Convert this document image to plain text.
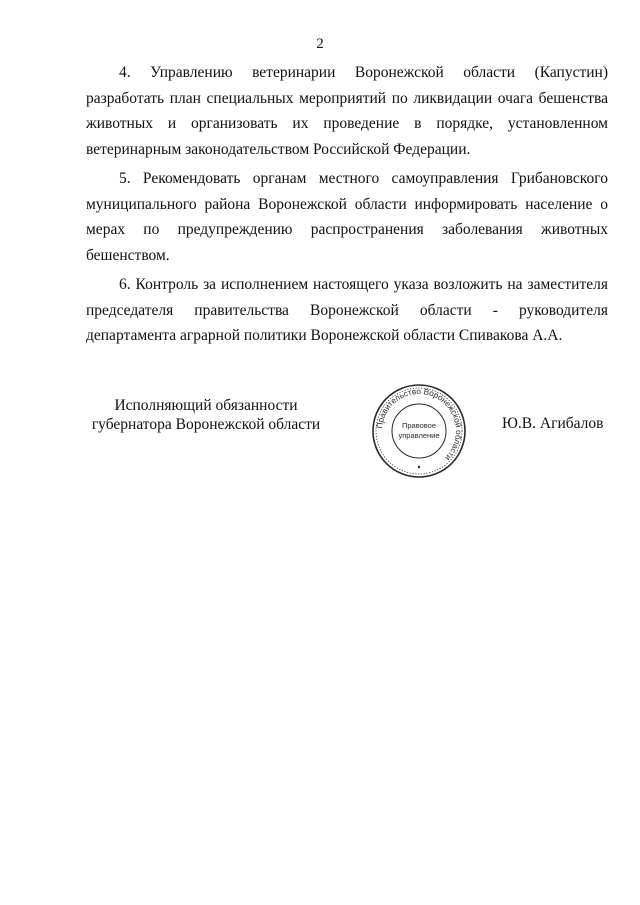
2

4. Управлению ветеринарии Воронежской области (Капустин) разработать план специальных мероприятий по ликвидации очага бешенства животных и организовать их проведение в порядке, установленном ветеринарным законодательством Российской Федерации.

5. Рекомендовать органам местного самоуправления Грибановского муниципального района Воронежской области информировать население о мерах по предупреждению распространения заболевания животных бешенством.

6. Контроль за исполнением настоящего указа возложить на заместителя председателя правительства Воронежской области - руководителя департамента аграрной политики Воронежской области Спивакова А.А.

Исполняющий обязанности
губернатора Воронежской области	Правительство Воронежской области
Правовое
управление
Ю.В. Агибалов
